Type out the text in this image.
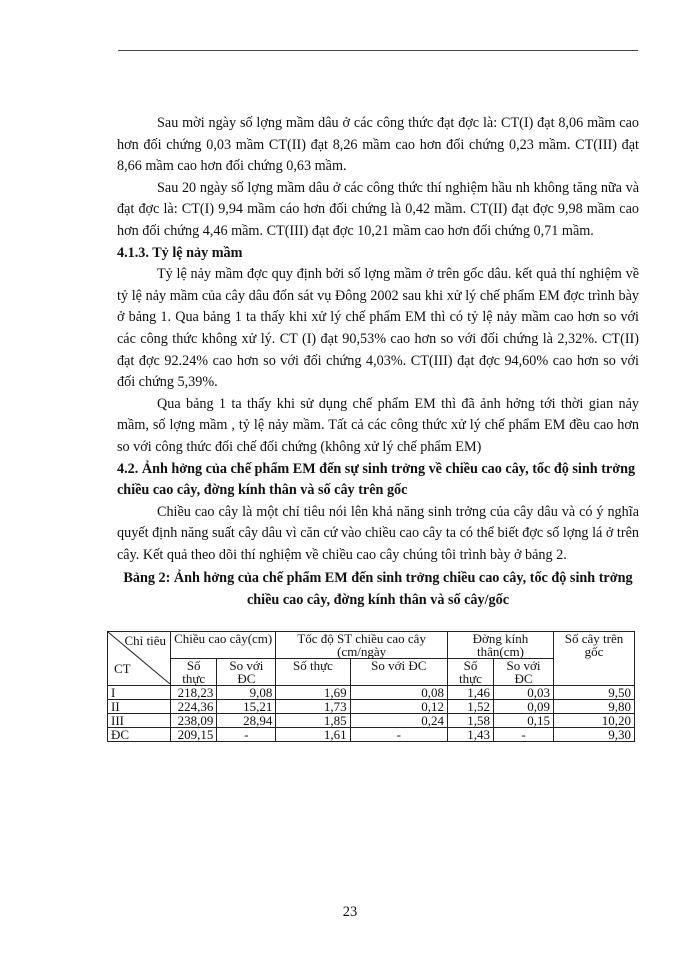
Sau mời ngày số lợng mầm dâu ở các công thức đạt đợc là: CT(I) đạt 8,06 mầm cao hơn đối chứng 0,03 mầm CT(II) đạt 8,26 mầm cao hơn đối chứng 0,23 mầm. CT(III) đạt 8,66 mầm cao hơn đối chứng 0,63 mầm.

Sau 20 ngày số lợng mầm dâu ở các công thức thí nghiệm hầu nh không tăng nữa và đạt đợc là: CT(I) 9,94 mầm cáo hơn đối chứng là 0,42 mầm. CT(II) đạt đợc 9,98 mầm cao hơn đối chứng 4,46 mầm. CT(III) đạt đợc 10,21 mầm cao hơn đối chứng 0,71 mầm.

4.1.3. Tỷ lệ nảy mầm

Tỷ lệ nảy mầm đợc quy định bởi số lợng mầm ở trên gốc dâu. kết quả thí nghiệm về tỷ lệ nảy mầm của cây dâu đốn sát vụ Đông 2002 sau khi xử lý chế phẩm EM đợc trình bày ở bảng 1. Qua bảng 1 ta thấy khi xử lý chế phẩm EM thì có tỷ lệ nảy mầm cao hơn so với các công thức không xử lý. CT (I) đạt 90,53% cao hơn so với đối chứng là 2,32%. CT(II) đạt đợc 92.24% cao hơn so với đối chứng 4,03%. CT(III) đạt đợc 94,60% cao hơn so với đối chứng 5,39%.

Qua bảng 1 ta thấy khi sử dụng chế phẩm EM thì đã ảnh hởng tới thời gian nảy mầm, số lợng mầm , tỷ lệ nảy mầm. Tất cả các công thức xử lý chế phẩm EM đều cao hơn so với công thức đối chế đối chứng (không xử lý chế phẩm EM)

4.2. Ảnh hởng của chế phẩm EM đến sự sinh trởng về chiều cao cây, tốc độ sinh trởng chiều cao cây, đờng kính thân và số cây trên gốc

Chiều cao cây là một chỉ tiêu nói lên khả năng sinh trởng của cây dâu và có ý nghĩa quyết định năng suất cây dâu vì căn cứ vào chiều cao cây ta có thể biết đợc số lợng lá ở trên cây. Kết quả theo dõi thí nghiệm về chiều cao cây chúng tôi trình bày ở bảng 2.

Bảng 2: Ảnh hởng của chế phẩm EM đến sinh trởng chiều cao cây, tốc độ sinh trởng chiều cao cây, đờng kính thân và số cây/gốc
Chỉ tiêu
CT	Chiều cao cây(cm)		Tốc độ ST chiều cao cây (cm/ngày		Đờng kính thân(cm)		Số cây trên gốc
	Số thực	So với ĐC	Số thực	So với ĐC	Số thực	So với ĐC	
I	218,23	9,08	1,69	0,08	1,46	0,03	9,50
II	224,36	15,21	1,73	0,12	1,52	0,09	9,80
III	238,09	28,94	1,85	0,24	1,58	0,15	10,20
ĐC	209,15	-	1,61	-	1,43	-	9,30
23
